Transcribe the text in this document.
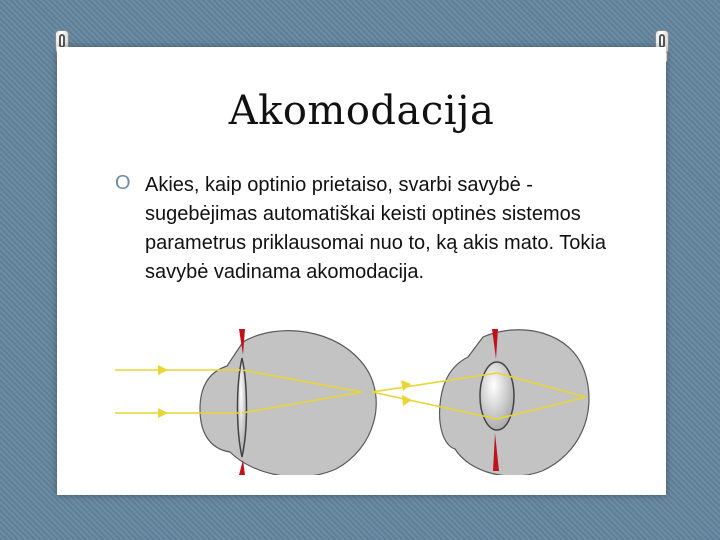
Akomodacija
O Akies, kaip optinio prietaiso, svarbi savybė - sugebėjimas automatiškai keisti optinės sistemos parametrus priklausomai nuo to, ką akis mato. Tokia savybė vadinama akomodacija.
